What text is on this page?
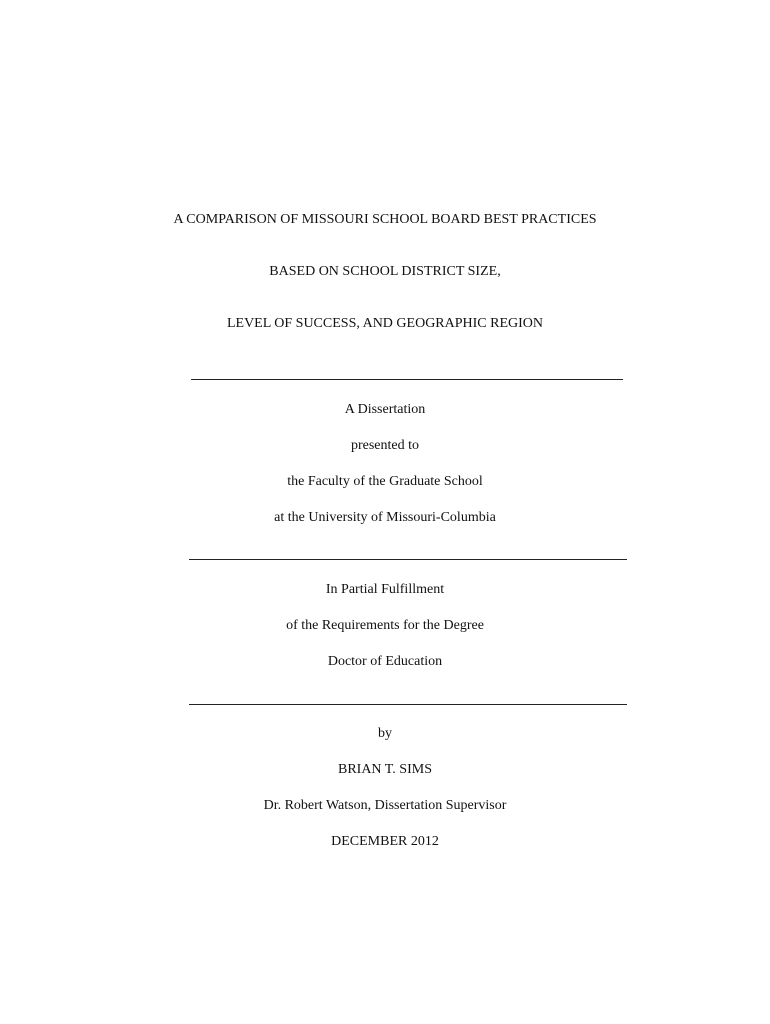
A COMPARISON OF MISSOURI SCHOOL BOARD BEST PRACTICES
BASED ON SCHOOL DISTRICT SIZE,
LEVEL OF SUCCESS, AND GEOGRAPHIC REGION
A Dissertation
presented to
the Faculty of the Graduate School
at the University of Missouri-Columbia
In Partial Fulfillment
of the Requirements for the Degree
Doctor of Education
by
BRIAN T. SIMS
Dr. Robert Watson, Dissertation Supervisor
DECEMBER 2012
